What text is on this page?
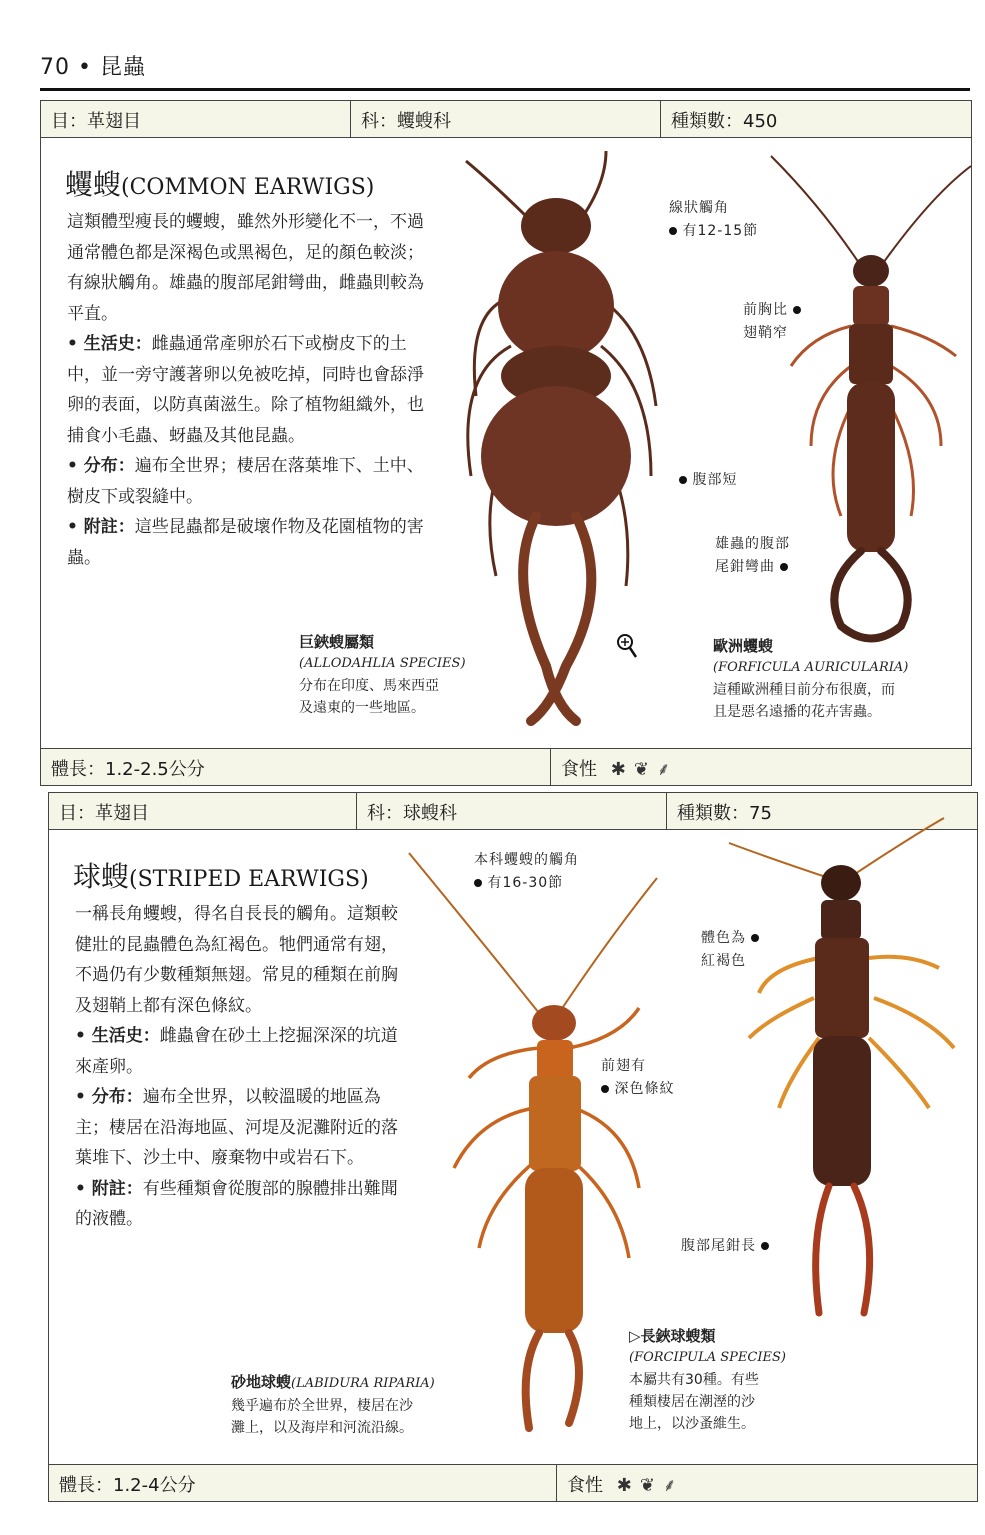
70 • 昆蟲
目：革翅目	科：蠼螋科	種類數：450
蠼螋(COMMON EARWIGS)

這類體型瘦長的蠼螋，雖然外形變化不一，不過通常體色都是深褐色或黑褐色，足的顏色較淡；有線狀觸角。雄蟲的腹部尾鉗彎曲，雌蟲則較為平直。

• 生活史：雌蟲通常產卵於石下或樹皮下的土中，並一旁守護著卵以免被吃掉，同時也會舔淨卵的表面，以防真菌滋生。除了植物組織外，也捕食小毛蟲、蚜蟲及其他昆蟲。

• 分布：遍布全世界；棲居在落葉堆下、土中、樹皮下或裂縫中。

• 附註：這些昆蟲都是破壞作物及花園植物的害蟲。

線狀觸角
有12-15節
前胸比
翅鞘窄
腹部短
雄蟲的腹部
尾鉗彎曲
巨鋏螋屬類
(ALLODAHLIA SPECIES)
分布在印度、馬來西亞
及遠東的一些地區。
歐洲蠼螋
(FORFICULA AURICULARIA)
這種歐洲種目前分布很廣，而
且是惡名遠播的花卉害蟲。
體長：1.2-2.5公分	食性 ✱ ❦ ⸙
目：革翅目	科：球螋科	種類數：75
球螋(STRIPED EARWIGS)

一稱長角蠼螋，得名自長長的觸角。這類較健壯的昆蟲體色為紅褐色。牠們通常有翅，不過仍有少數種類無翅。常見的種類在前胸及翅鞘上都有深色條紋。

• 生活史：雌蟲會在砂土上挖掘深深的坑道來產卵。

• 分布：遍布全世界，以較溫暖的地區為主；棲居在沿海地區、河堤及泥灘附近的落葉堆下、沙土中、廢棄物中或岩石下。

• 附註：有些種類會從腹部的腺體排出難聞的液體。

本科蠼螋的觸角
有16-30節
體色為
紅褐色
前翅有
深色條紋
腹部尾鉗長
砂地球螋(LABIDURA RIPARIA)
幾乎遍布於全世界，棲居在沙
灘上，以及海岸和河流沿線。
▷長鋏球螋類
(FORCIPULA SPECIES)
本屬共有30種。有些
種類棲居在潮溼的沙
地上，以沙蚤維生。
體長：1.2-4公分	食性 ✱ ❦ ⸙
